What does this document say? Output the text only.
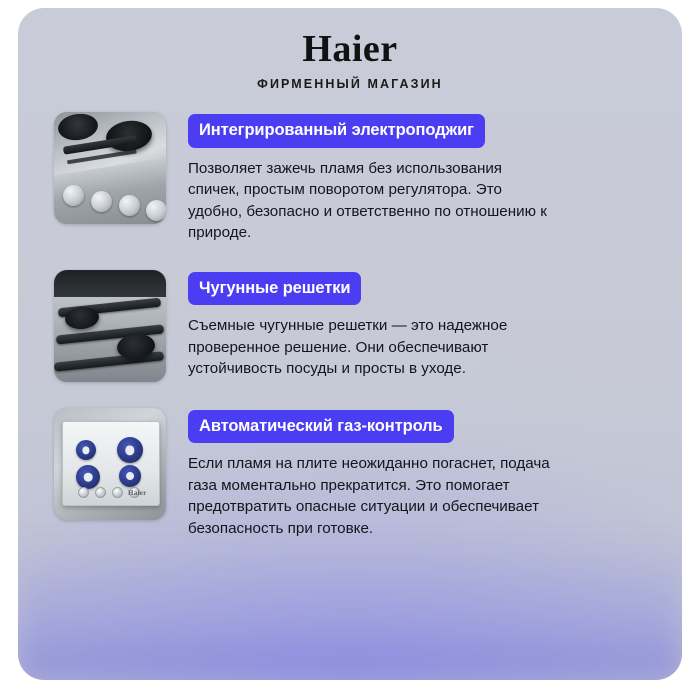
Haier
ФИРМЕННЫЙ МАГАЗИН
Интегрированный электроподжиг
Позволяет зажечь пламя без использования спичек, простым поворотом регулятора. Это удобно, безопасно и ответственно по отношению к природе.
Чугунные решетки
Съемные чугунные решетки — это надежное проверенное решение. Они обеспечивают устойчивость посуды и просты в уходе.
Haier
Автоматический газ-контроль
Если пламя на плите неожиданно погаснет, подача газа моментально прекратится. Это помогает предотвратить опасные ситуации и обеспечивает безопасность при готовке.
